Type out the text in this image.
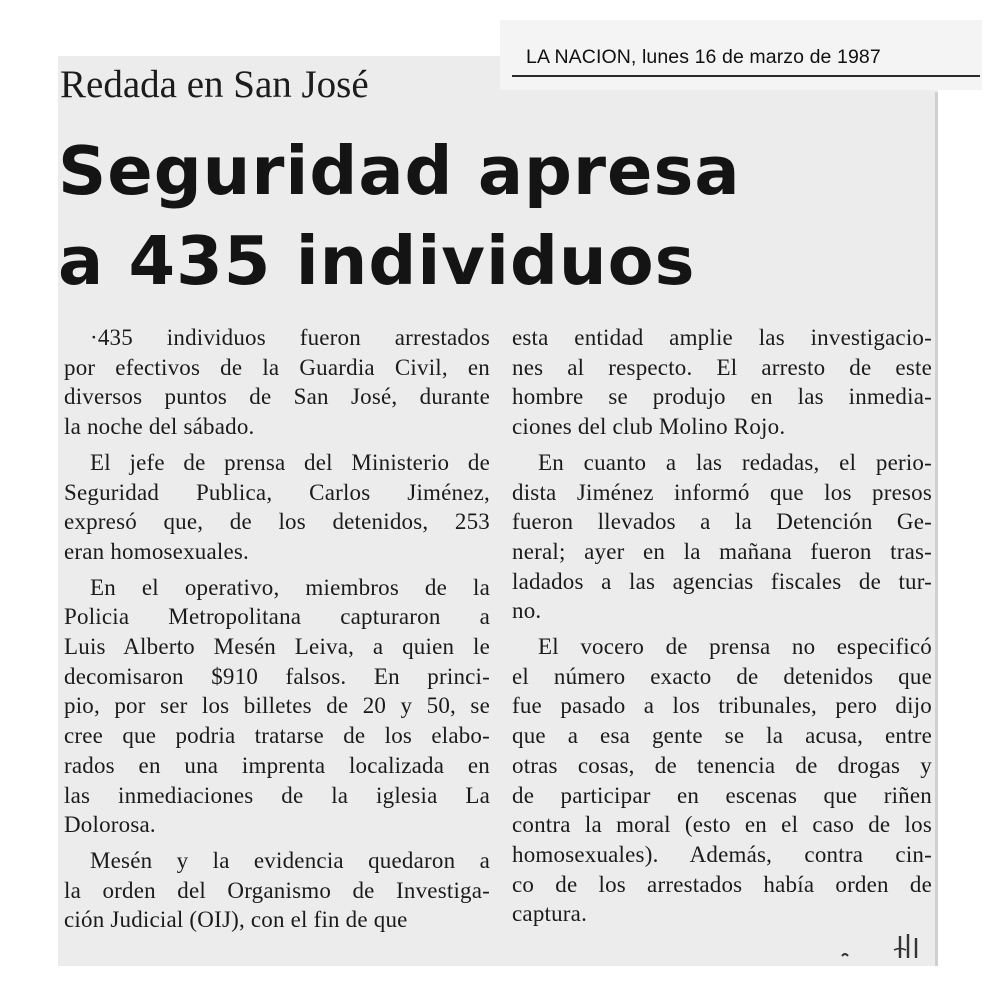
LA NACION, lunes 16 de marzo de 1987
Redada en San José
Seguridad apresa
a 435 individuos
·435 individuos fueron arrestados
por efectivos de la Guardia Civil, en
diversos puntos de San José, durante
la noche del sábado.
El jefe de prensa del Ministerio de
Seguridad Publica, Carlos Jiménez,
expresó que, de los detenidos, 253
eran homosexuales.
En el operativo, miembros de la
Policia Metropolitana capturaron a
Luis Alberto Mesén Leiva, a quien le
decomisaron $910 falsos. En princi-
pio, por ser los billetes de 20 y 50, se
cree que podria tratarse de los elabo-
rados en una imprenta localizada en
las inmediaciones de la iglesia La
Dolorosa.
Mesén y la evidencia quedaron a
la orden del Organismo de Investiga-
ción Judicial (OIJ), con el fin de que
esta entidad amplie las investigacio-
nes al respecto. El arresto de este
hombre se produjo en las inmedia-
ciones del club Molino Rojo.
En cuanto a las redadas, el perio-
dista Jiménez informó que los presos
fueron llevados a la Detención Ge-
neral; ayer en la mañana fueron tras-
ladados a las agencias fiscales de tur-
no.
El vocero de prensa no especificó
el número exacto de detenidos que
fue pasado a los tribunales, pero dijo
que a esa gente se la acusa, entre
otras cosas, de tenencia de drogas y
de participar en escenas que riñen
contra la moral (esto en el caso de los
homosexuales). Además, contra cin-
co de los arrestados había orden de
captura.
